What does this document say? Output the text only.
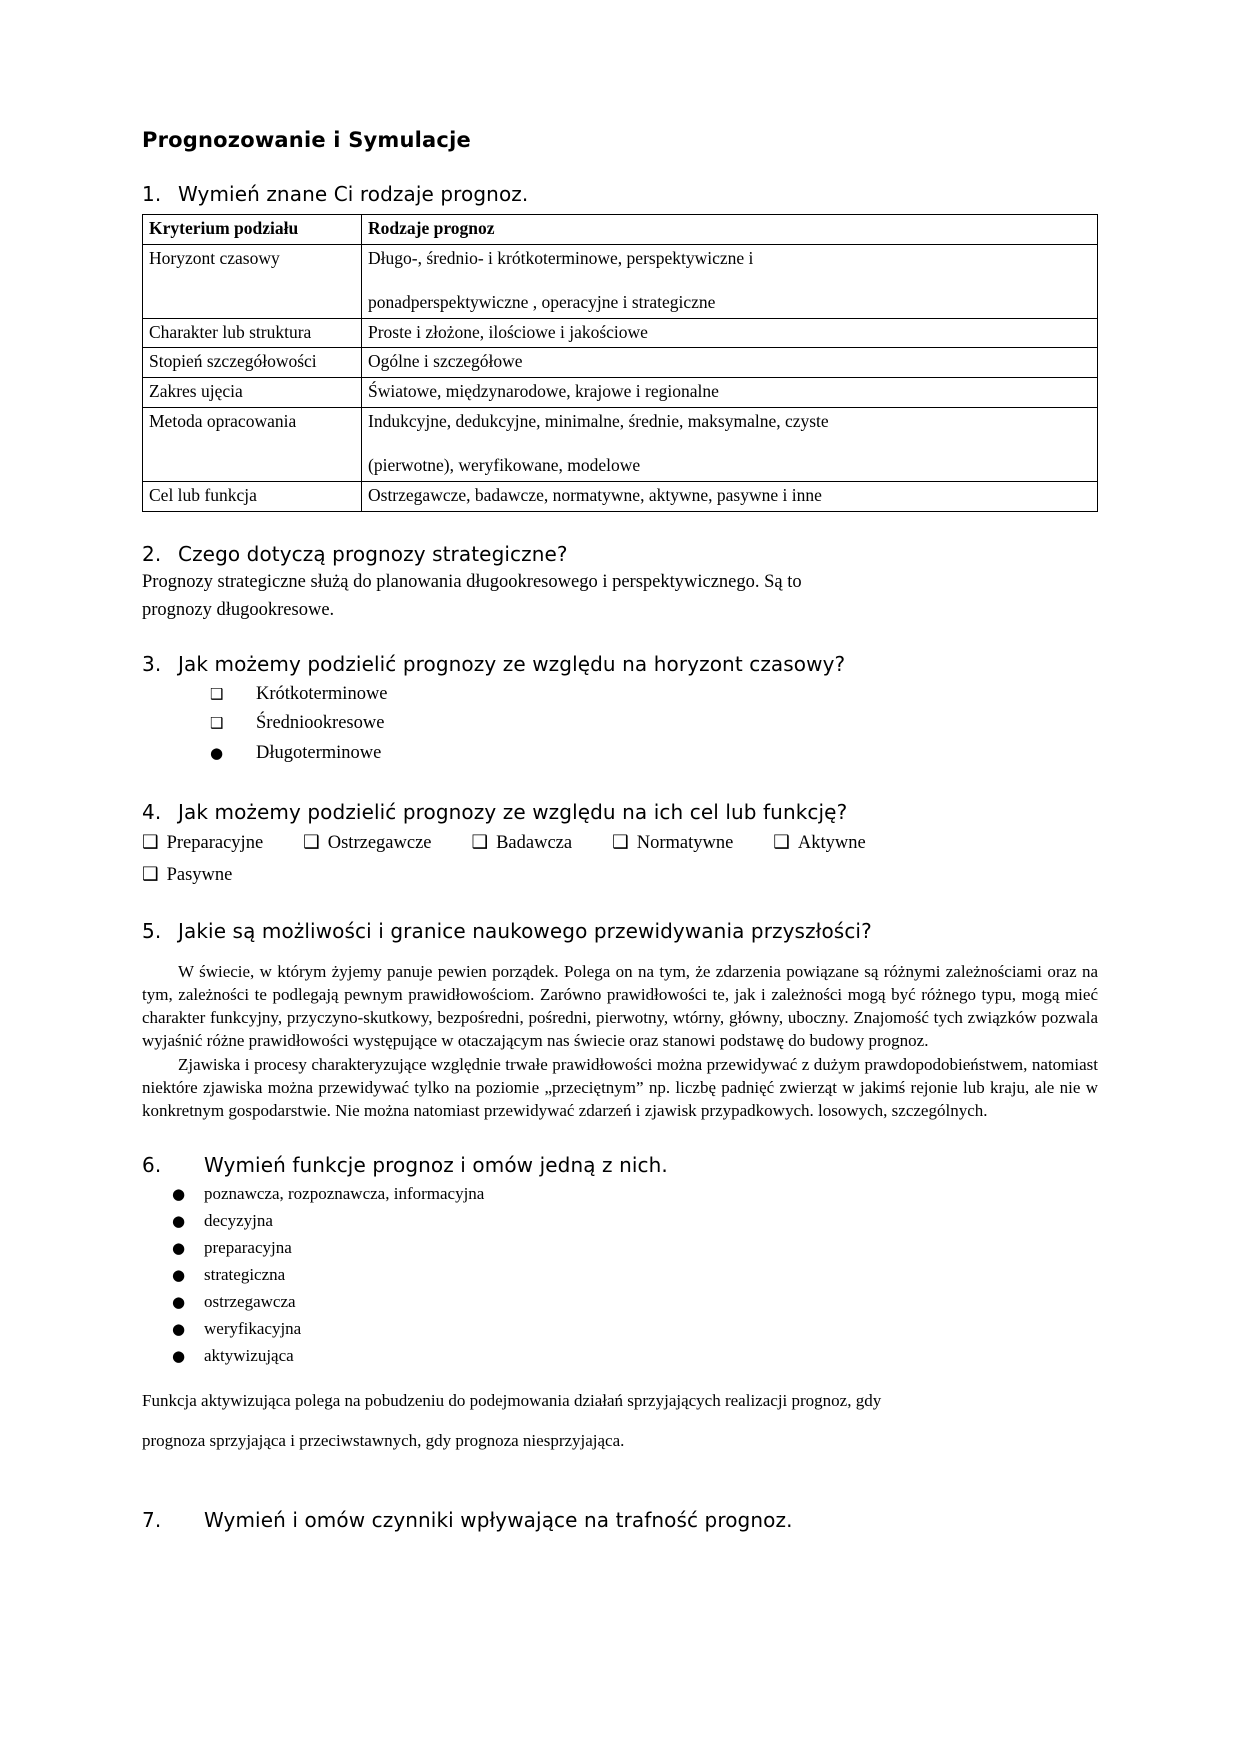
Prognozowanie i Symulacje
1. Wymień znane Ci rodzaje prognoz.
Kryterium podziału	Rodzaje prognoz
Horyzont czasowy	Długo-, średnio- i krótkoterminowe, perspektywiczne i ponadperspektywiczne , operacyjne i strategiczne
Charakter lub struktura	Proste i złożone, ilościowe i jakościowe
Stopień szczegółowości	Ogólne i szczegółowe
Zakres ujęcia	Światowe, międzynarodowe, krajowe i regionalne
Metoda opracowania	Indukcyjne, dedukcyjne, minimalne, średnie, maksymalne, czyste (pierwotne), weryfikowane, modelowe
Cel lub funkcja	Ostrzegawcze, badawcze, normatywne, aktywne, pasywne i inne
2. Czego dotyczą prognozy strategiczne?

Prognozy strategiczne służą do planowania długookresowego i perspektywicznego. Są to

prognozy długookresowe.

3. Jak możemy podzielić prognozy ze względu na horyzont czasowy?
❑	Krótkoterminowe
❑	Średniookresowe
●	Długoterminowe
4. Jak możemy podzielić prognozy ze względu na ich cel lub funkcję?
❑ Preparacyjne ❑ Ostrzegawcze ❑ Badawcza ❑ Normatywne ❑ Aktywne
❑ Pasywne
5. Jakie są możliwości i granice naukowego przewidywania przyszłości?

W świecie, w którym żyjemy panuje pewien porządek. Polega on na tym, że zdarzenia powiązane są różnymi zależnościami oraz na tym, zależności te podlegają pewnym prawidłowościom. Zarówno prawidłowości te, jak i zależności mogą być różnego typu, mogą mieć charakter funkcyjny, przyczyno-skutkowy, bezpośredni, pośredni, pierwotny, wtórny, główny, uboczny. Znajomość tych związków pozwala wyjaśnić różne prawidłowości występujące w otaczającym nas świecie oraz stanowi podstawę do budowy prognoz.

Zjawiska i procesy charakteryzujące względnie trwałe prawidłowości można przewidywać z dużym prawdopodobieństwem, natomiast niektóre zjawiska można przewidywać tylko na poziomie „przeciętnym” np. liczbę padnięć zwierząt w jakimś rejonie lub kraju, ale nie w konkretnym gospodarstwie. Nie można natomiast przewidywać zdarzeń i zjawisk przypadkowych. losowych, szczególnych.

6.	Wymień funkcje prognoz i omów jedną z nich.
●	poznawcza, rozpoznawcza, informacyjna
●	decyzyjna
●	preparacyjna
●	strategiczna
●	ostrzegawcza
●	weryfikacyjna
●	aktywizująca

Funkcja aktywizująca polega na pobudzeniu do podejmowania działań sprzyjających realizacji prognoz, gdy

prognoza sprzyjająca i przeciwstawnych, gdy prognoza niesprzyjająca.

7.	Wymień i omów czynniki wpływające na trafność prognoz.
